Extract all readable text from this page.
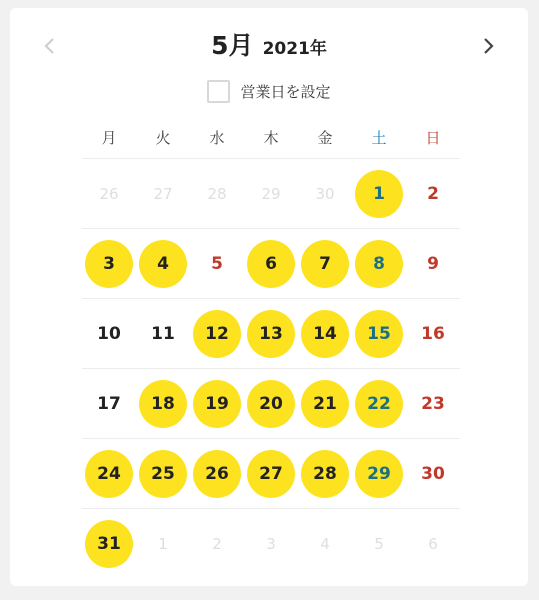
5月 2021年
営業日を設定
月	火	水	木	金	土	日
26	27	28	29	30	1	2
3	4	5	6	7	8	9
10	11	12	13	14	15	16
17	18	19	20	21	22	23
24	25	26	27	28	29	30
31	1	2	3	4	5	6
